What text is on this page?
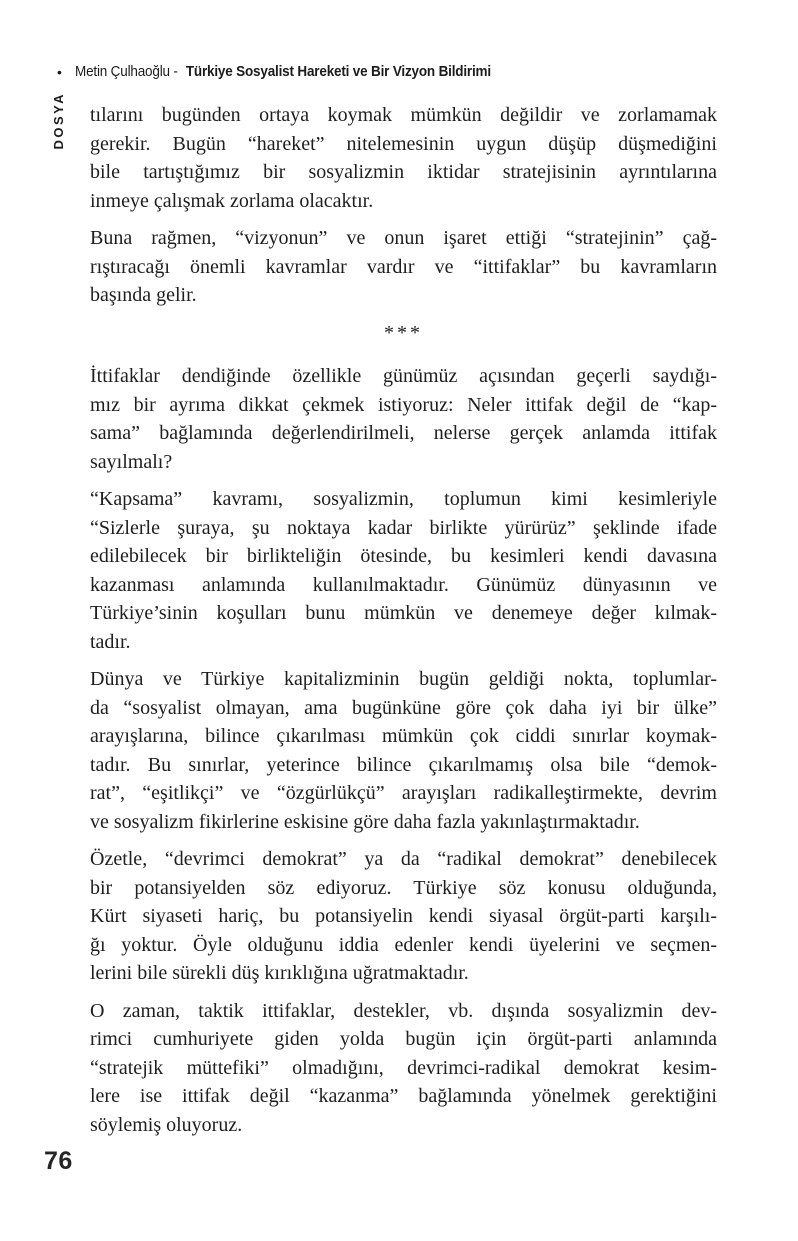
• Metin Çulhaoğlu - Türkiye Sosyalist Hareketi ve Bir Vizyon Bildirimi
DOSYA tılarını bugünden ortaya koymak mümkün değildir ve zorlamamak
gerekir. Bugün “hareket” nitelemesinin uygun düşüp düşmediğini
bile tartıştığımız bir sosyalizmin iktidar stratejisinin ayrıntılarına
inmeye çalışmak zorlama olacaktır.
Buna rağmen, “vizyonun” ve onun işaret ettiği “stratejinin” çağ-
rıştıracağı önemli kavramlar vardır ve “ittifaklar” bu kavramların
başında gelir.
***
İttifaklar dendiğinde özellikle günümüz açısından geçerli saydığı-
mız bir ayrıma dikkat çekmek istiyoruz: Neler ittifak değil de “kap-
sama” bağlamında değerlendirilmeli, nelerse gerçek anlamda ittifak
sayılmalı?
“Kapsama” kavramı, sosyalizmin, toplumun kimi kesimleriyle
“Sizlerle şuraya, şu noktaya kadar birlikte yürürüz” şeklinde ifade
edilebilecek bir birlikteliğin ötesinde, bu kesimleri kendi davasına
kazanması anlamında kullanılmaktadır. Günümüz dünyasının ve
Türkiye’sinin koşulları bunu mümkün ve denemeye değer kılmak-
tadır.
Dünya ve Türkiye kapitalizminin bugün geldiği nokta, toplumlar-
da “sosyalist olmayan, ama bugünküne göre çok daha iyi bir ülke”
arayışlarına, bilince çıkarılması mümkün çok ciddi sınırlar koymak-
tadır. Bu sınırlar, yeterince bilince çıkarılmamış olsa bile “demok-
rat”, “eşitlikçi” ve “özgürlükçü” arayışları radikalleştirmekte, devrim
ve sosyalizm fikirlerine eskisine göre daha fazla yakınlaştırmaktadır.
Özetle, “devrimci demokrat” ya da “radikal demokrat” denebilecek
bir potansiyelden söz ediyoruz. Türkiye söz konusu olduğunda,
Kürt siyaseti hariç, bu potansiyelin kendi siyasal örgüt-parti karşılı-
ğı yoktur. Öyle olduğunu iddia edenler kendi üyelerini ve seçmen-
lerini bile sürekli düş kırıklığına uğratmaktadır.
O zaman, taktik ittifaklar, destekler, vb. dışında sosyalizmin dev-
rimci cumhuriyete giden yolda bugün için örgüt-parti anlamında
“stratejik müttefiki” olmadığını, devrimci-radikal demokrat kesim-
lere ise ittifak değil “kazanma” bağlamında yönelmek gerektiğini
söylemiş oluyoruz.
76
